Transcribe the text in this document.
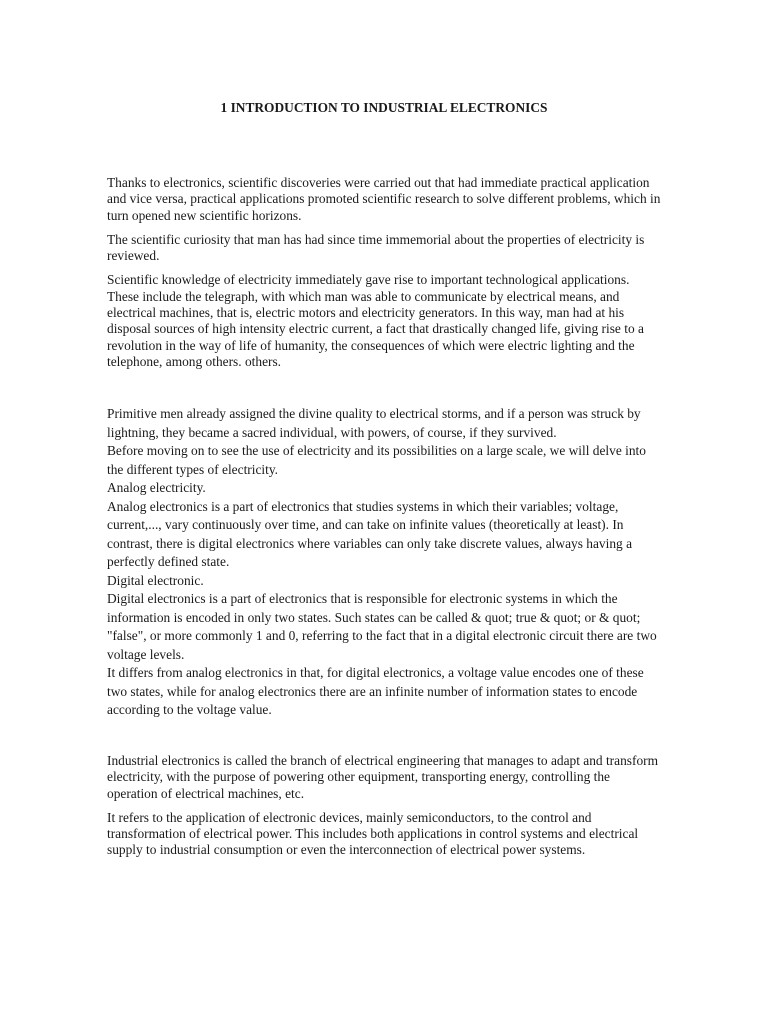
1 INTRODUCTION TO INDUSTRIAL ELECTRONICS

Thanks to electronics, scientific discoveries were carried out that had immediate practical application and vice versa, practical applications promoted scientific research to solve different problems, which in turn opened new scientific horizons.

The scientific curiosity that man has had since time immemorial about the properties of electricity is reviewed.

Scientific knowledge of electricity immediately gave rise to important technological applications. These include the telegraph, with which man was able to communicate by electrical means, and electrical machines, that is, electric motors and electricity generators. In this way, man had at his disposal sources of high intensity electric current, a fact that drastically changed life, giving rise to a revolution in the way of life of humanity, the consequences of which were electric lighting and the telephone, among others. others.

Primitive men already assigned the divine quality to electrical storms, and if a person was struck by lightning, they became a sacred individual, with powers, of course, if they survived.

Before moving on to see the use of electricity and its possibilities on a large scale, we will delve into the different types of electricity.

Analog electricity.

Analog electronics is a part of electronics that studies systems in which their variables; voltage, current,..., vary continuously over time, and can take on infinite values (theoretically at least). In contrast, there is digital electronics where variables can only take discrete values, always having a perfectly defined state.

Digital electronic.

Digital electronics is a part of electronics that is responsible for electronic systems in which the information is encoded in only two states. Such states can be called & quot; true & quot; or & quot; "false", or more commonly 1 and 0, referring to the fact that in a digital electronic circuit there are two voltage levels.

It differs from analog electronics in that, for digital electronics, a voltage value encodes one of these two states, while for analog electronics there are an infinite number of information states to encode according to the voltage value.

Industrial electronics is called the branch of electrical engineering that manages to adapt and transform electricity, with the purpose of powering other equipment, transporting energy, controlling the operation of electrical machines, etc.

It refers to the application of electronic devices, mainly semiconductors, to the control and transformation of electrical power. This includes both applications in control systems and electrical supply to industrial consumption or even the interconnection of electrical power systems.
